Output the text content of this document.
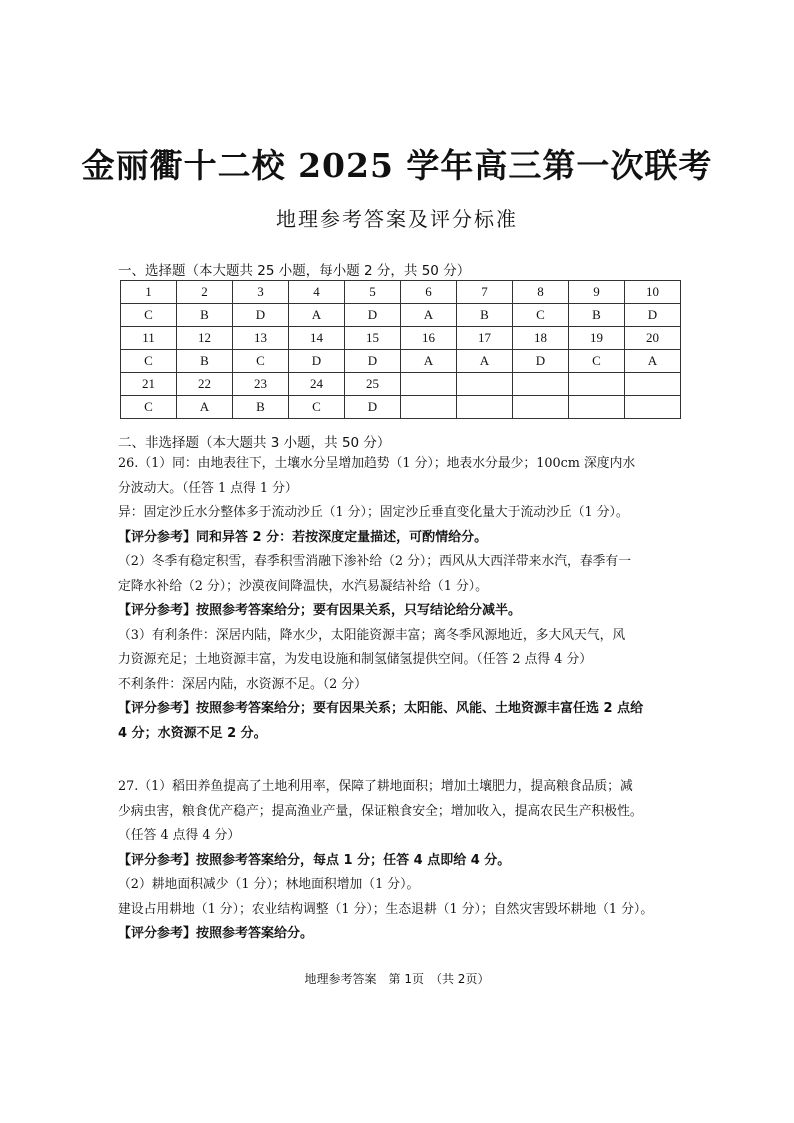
金丽衢十二校 2025 学年高三第一次联考
地理参考答案及评分标准
一、选择题（本大题共 25 小题，每小题 2 分，共 50 分）
1	2	3	4	5	6	7	8	9	10
C	B	D	A	D	A	B	C	B	D
11	12	13	14	15	16	17	18	19	20
C	B	C	D	D	A	A	D	C	A
21	22	23	24	25					
C	A	B	C	D					
二、非选择题（本大题共 3 小题，共 50 分）
26.（1）同：由地表往下，土壤水分呈增加趋势（1 分）；地表水分最少；100cm 深度内水
分波动大。（任答 1 点得 1 分）
异：固定沙丘水分整体多于流动沙丘（1 分）；固定沙丘垂直变化量大于流动沙丘（1 分）。
【评分参考】同和异答 2 分：若按深度定量描述，可酌情给分。
（2）冬季有稳定积雪，春季积雪消融下渗补给（2 分）；西风从大西洋带来水汽，春季有一
定降水补给（2 分）；沙漠夜间降温快，水汽易凝结补给（1 分）。
【评分参考】按照参考答案给分；要有因果关系，只写结论给分减半。
（3）有利条件：深居内陆，降水少，太阳能资源丰富；离冬季风源地近，多大风天气，风
力资源充足；土地资源丰富，为发电设施和制氢储氢提供空间。（任答 2 点得 4 分）
不利条件：深居内陆，水资源不足。（2 分）
【评分参考】按照参考答案给分；要有因果关系；太阳能、风能、土地资源丰富任选 2 点给
4 分；水资源不足 2 分。
27.（1）稻田养鱼提高了土地利用率，保障了耕地面积；增加土壤肥力，提高粮食品质；减
少病虫害，粮食优产稳产；提高渔业产量，保证粮食安全；增加收入，提高农民生产积极性。
（任答 4 点得 4 分）
【评分参考】按照参考答案给分，每点 1 分；任答 4 点即给 4 分。
（2）耕地面积减少（1 分）；林地面积增加（1 分）。
建设占用耕地（1 分）；农业结构调整（1 分）；生态退耕（1 分）；自然灾害毁坏耕地（1 分）。
【评分参考】按照参考答案给分。
地理参考答案　第 1页　（共 2页）
